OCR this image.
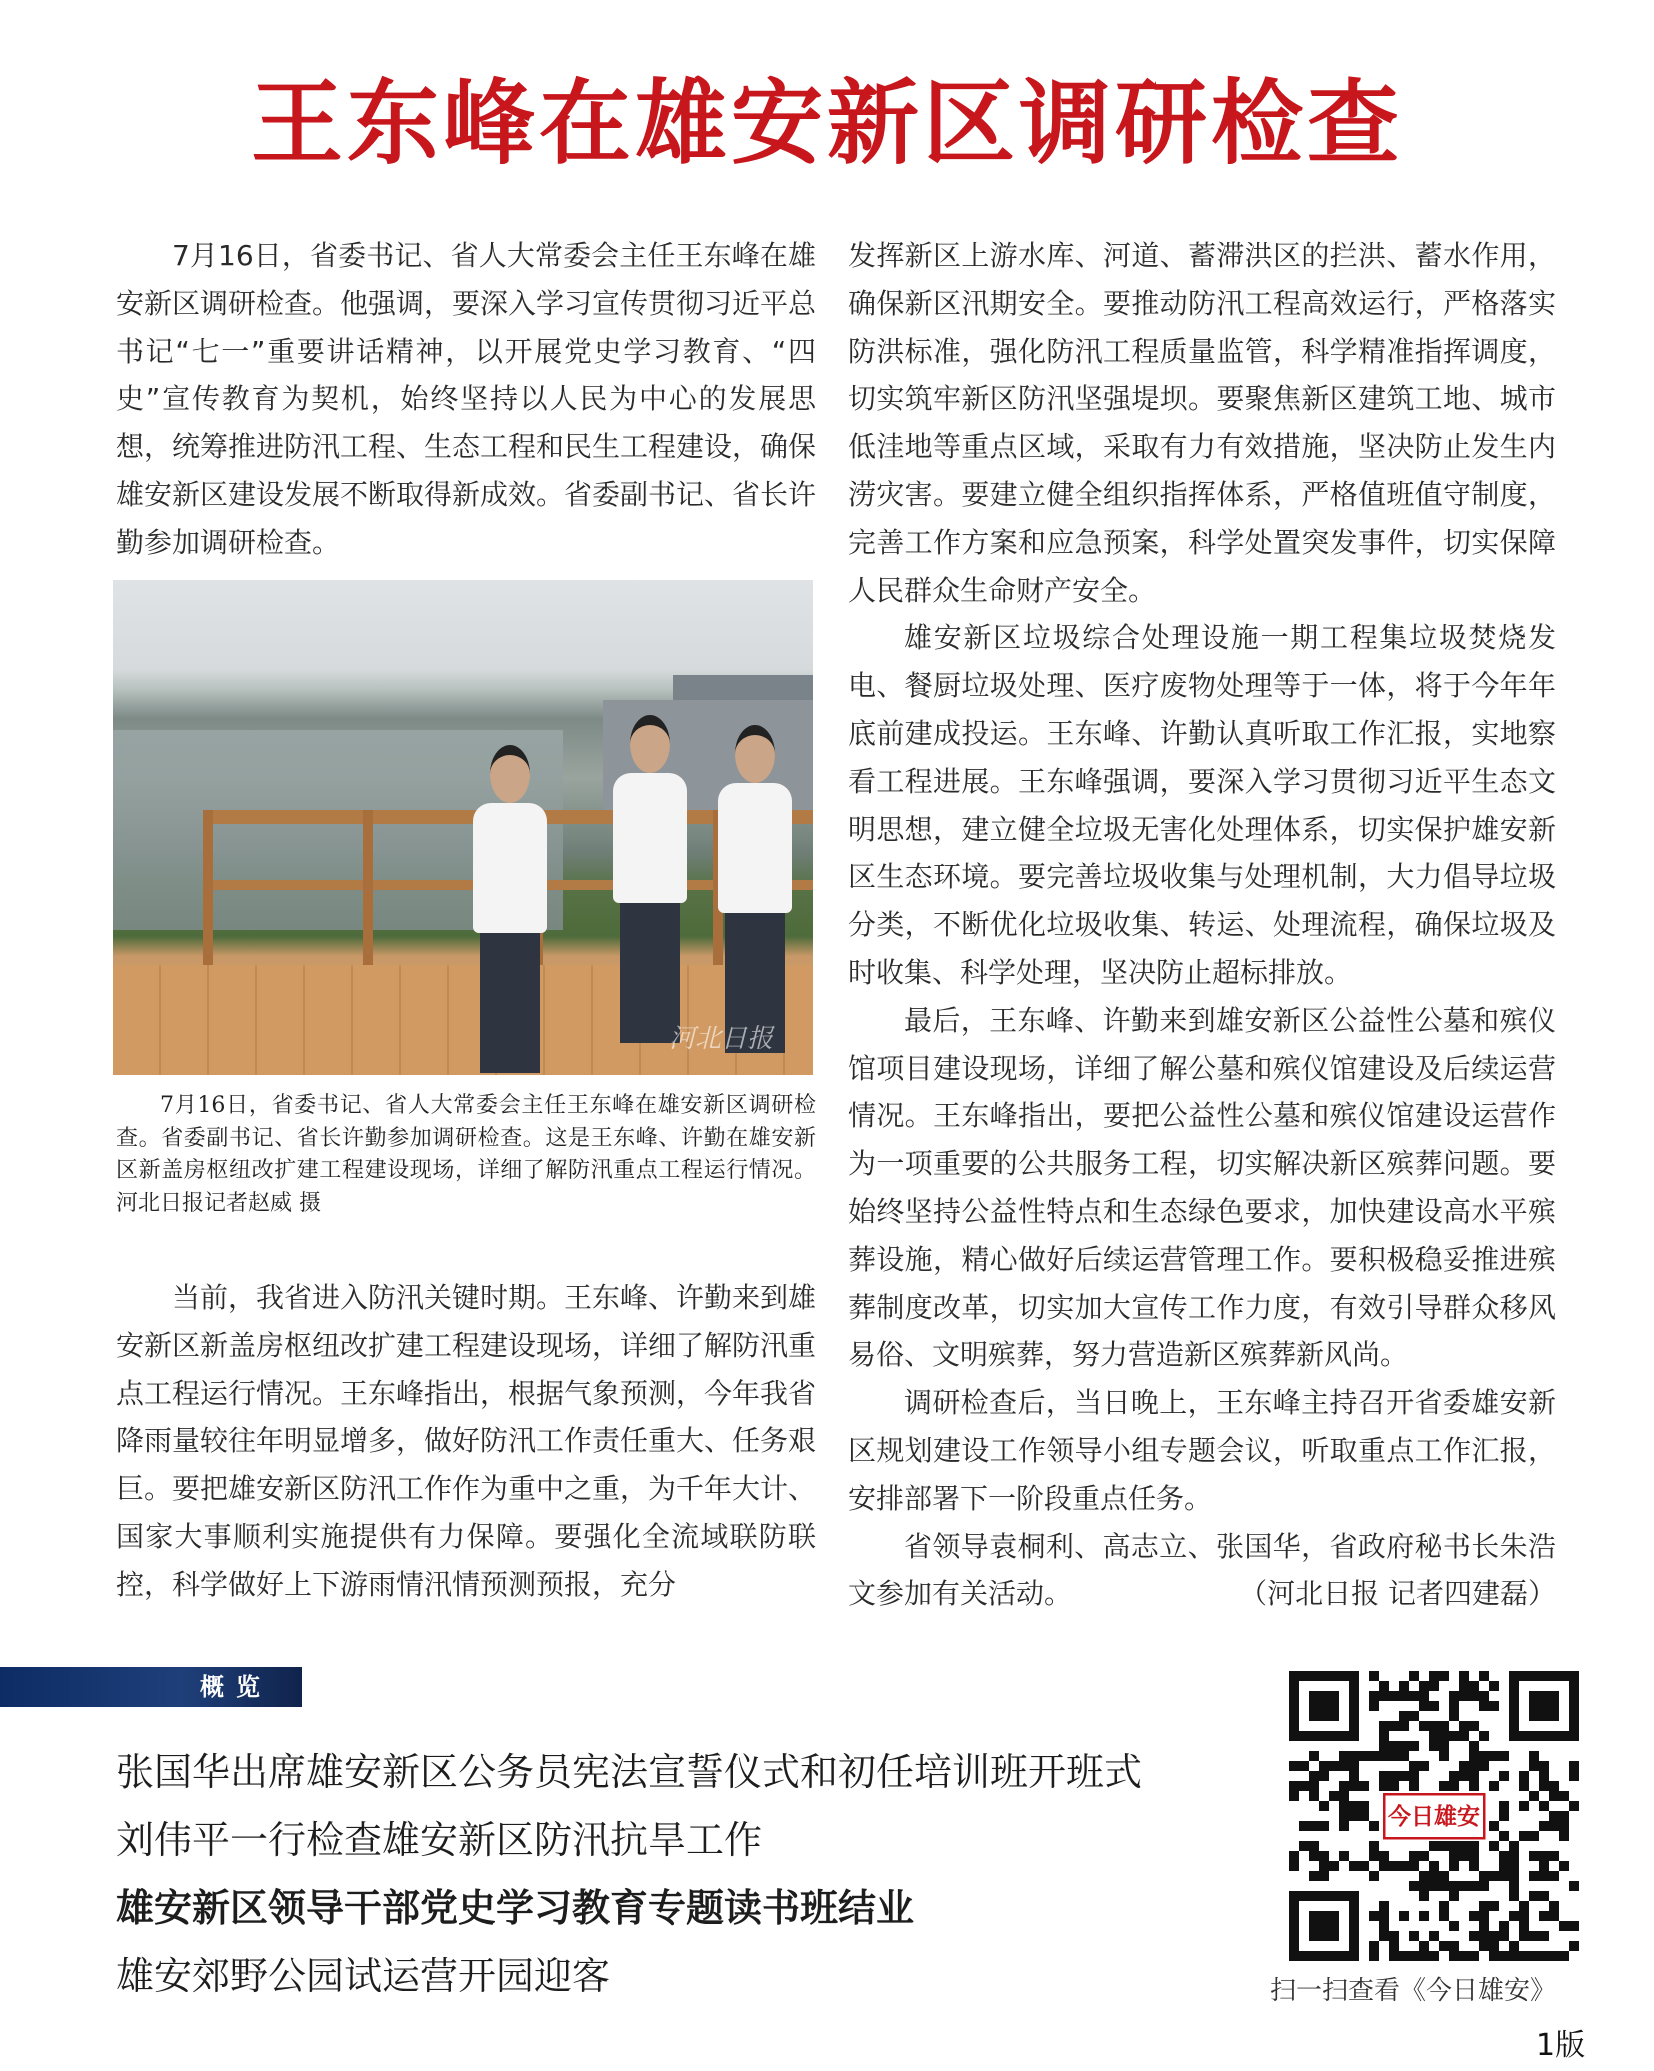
王东峰在雄安新区调研检查

7月16日，省委书记、省人大常委会主任王东峰在雄安新区调研检查。他强调，要深入学习宣传贯彻习近平总书记“七一”重要讲话精神，以开展党史学习教育、“四史”宣传教育为契机，始终坚持以人民为中心的发展思想，统筹推进防汛工程、生态工程和民生工程建设，确保雄安新区建设发展不断取得新成效。省委副书记、省长许勤参加调研检查。

河北日报

7月16日，省委书记、省人大常委会主任王东峰在雄安新区调研检查。省委副书记、省长许勤参加调研检查。这是王东峰、许勤在雄安新区新盖房枢纽改扩建工程建设现场，详细了解防汛重点工程运行情况。河北日报记者赵威 摄

当前，我省进入防汛关键时期。王东峰、许勤来到雄安新区新盖房枢纽改扩建工程建设现场，详细了解防汛重点工程运行情况。王东峰指出，根据气象预测，今年我省降雨量较往年明显增多，做好防汛工作责任重大、任务艰巨。要把雄安新区防汛工作作为重中之重，为千年大计、国家大事顺利实施提供有力保障。要强化全流域联防联控，科学做好上下游雨情汛情预测预报，充分

发挥新区上游水库、河道、蓄滞洪区的拦洪、蓄水作用，确保新区汛期安全。要推动防汛工程高效运行，严格落实防洪标准，强化防汛工程质量监管，科学精准指挥调度，切实筑牢新区防汛坚强堤坝。要聚焦新区建筑工地、城市低洼地等重点区域，采取有力有效措施，坚决防止发生内涝灾害。要建立健全组织指挥体系，严格值班值守制度，完善工作方案和应急预案，科学处置突发事件，切实保障人民群众生命财产安全。

雄安新区垃圾综合处理设施一期工程集垃圾焚烧发电、餐厨垃圾处理、医疗废物处理等于一体，将于今年年底前建成投运。王东峰、许勤认真听取工作汇报，实地察看工程进展。王东峰强调，要深入学习贯彻习近平生态文明思想，建立健全垃圾无害化处理体系，切实保护雄安新区生态环境。要完善垃圾收集与处理机制，大力倡导垃圾分类，不断优化垃圾收集、转运、处理流程，确保垃圾及时收集、科学处理，坚决防止超标排放。

最后，王东峰、许勤来到雄安新区公益性公墓和殡仪馆项目建设现场，详细了解公墓和殡仪馆建设及后续运营情况。王东峰指出，要把公益性公墓和殡仪馆建设运营作为一项重要的公共服务工程，切实解决新区殡葬问题。要始终坚持公益性特点和生态绿色要求，加快建设高水平殡葬设施，精心做好后续运营管理工作。要积极稳妥推进殡葬制度改革，切实加大宣传工作力度，有效引导群众移风易俗、文明殡葬，努力营造新区殡葬新风尚。

调研检查后，当日晚上，王东峰主持召开省委雄安新区规划建设工作领导小组专题会议，听取重点工作汇报，安排部署下一阶段重点任务。

省领导袁桐利、高志立、张国华，省政府秘书长朱浩文参加有关活动。	（河北日报 记者四建磊）

概览
张国华出席雄安新区公务员宪法宣誓仪式和初任培训班开班式
刘伟平一行检查雄安新区防汛抗旱工作
雄安新区领导干部党史学习教育专题读书班结业
雄安郊野公园试运营开园迎客
今日雄安
扫一扫查看《今日雄安》
1版
